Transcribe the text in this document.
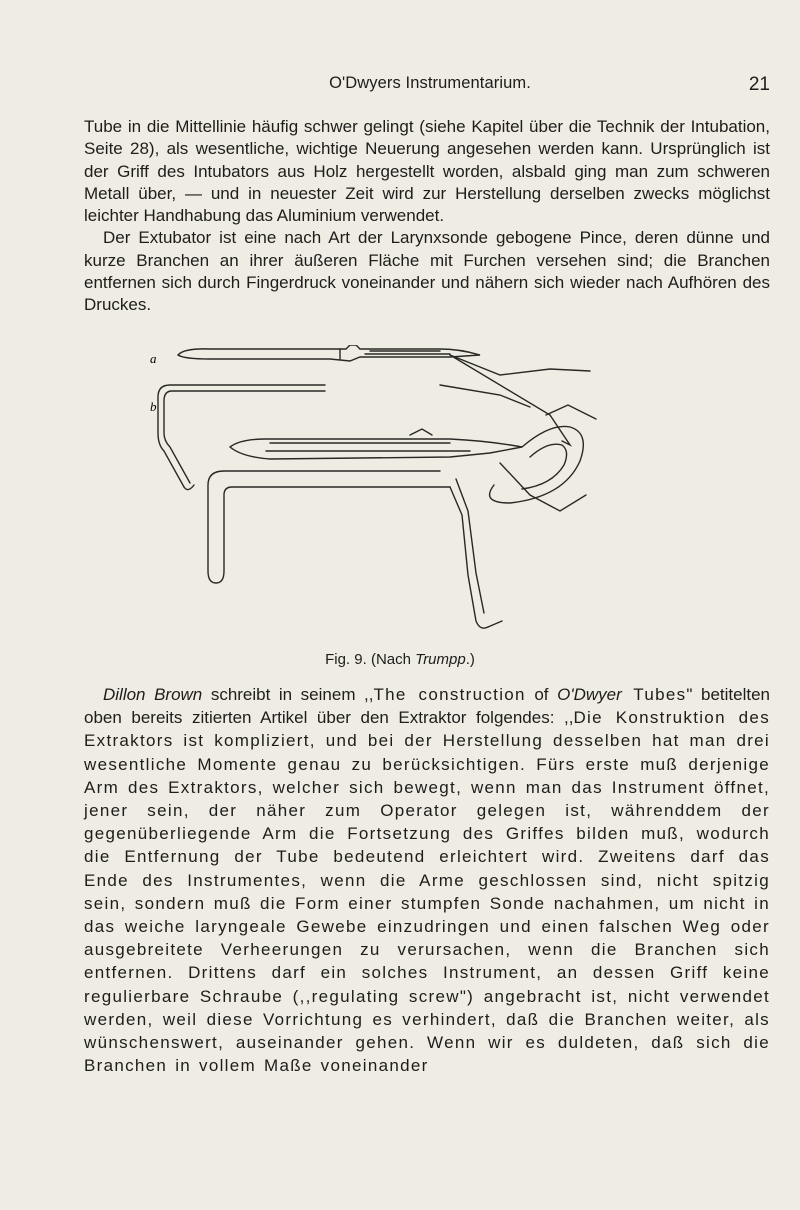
O'Dwyers Instrumentarium.	21

Tube in die Mittellinie häufig schwer gelingt (siehe Kapitel über die Technik der Intubation, Seite 28), als wesentliche, wichtige Neuerung angesehen werden kann. Ursprünglich ist der Griff des Intubators aus Holz hergestellt worden, alsbald ging man zum schweren Metall über, — und in neuester Zeit wird zur Herstellung derselben zwecks möglichst leichter Handhabung das Aluminium verwendet.

Der Extubator ist eine nach Art der Larynxsonde gebogene Pince, deren dünne und kurze Branchen an ihrer äußeren Fläche mit Furchen versehen sind; die Branchen entfernen sich durch Fingerdruck voneinander und nähern sich wieder nach Aufhören des Druckes.

a
b
Fig. 9. (Nach Trumpp.)

Dillon Brown schreibt in seinem ,,The construction of O'Dwyer Tubes" betitelten oben bereits zitierten Artikel über den Extraktor folgendes: ,,Die Konstruktion des Extraktors ist kompliziert, und bei der Herstellung desselben hat man drei wesentliche Momente genau zu berücksichtigen. Fürs erste muß derjenige Arm des Extraktors, welcher sich bewegt, wenn man das Instrument öffnet, jener sein, der näher zum Operator gelegen ist, währenddem der gegenüberliegende Arm die Fortsetzung des Griffes bilden muß, wodurch die Entfernung der Tube bedeutend erleichtert wird. Zweitens darf das Ende des Instrumentes, wenn die Arme geschlossen sind, nicht spitzig sein, sondern muß die Form einer stumpfen Sonde nachahmen, um nicht in das weiche laryngeale Gewebe einzudringen und einen falschen Weg oder ausgebreitete Verheerungen zu verursachen, wenn die Branchen sich entfernen. Drittens darf ein solches Instrument, an dessen Griff keine regulierbare Schraube (,,regulating screw") angebracht ist, nicht verwendet werden, weil diese Vorrichtung es verhindert, daß die Branchen weiter, als wünschenswert, auseinander gehen. Wenn wir es duldeten, daß sich die Branchen in vollem Maße voneinander
